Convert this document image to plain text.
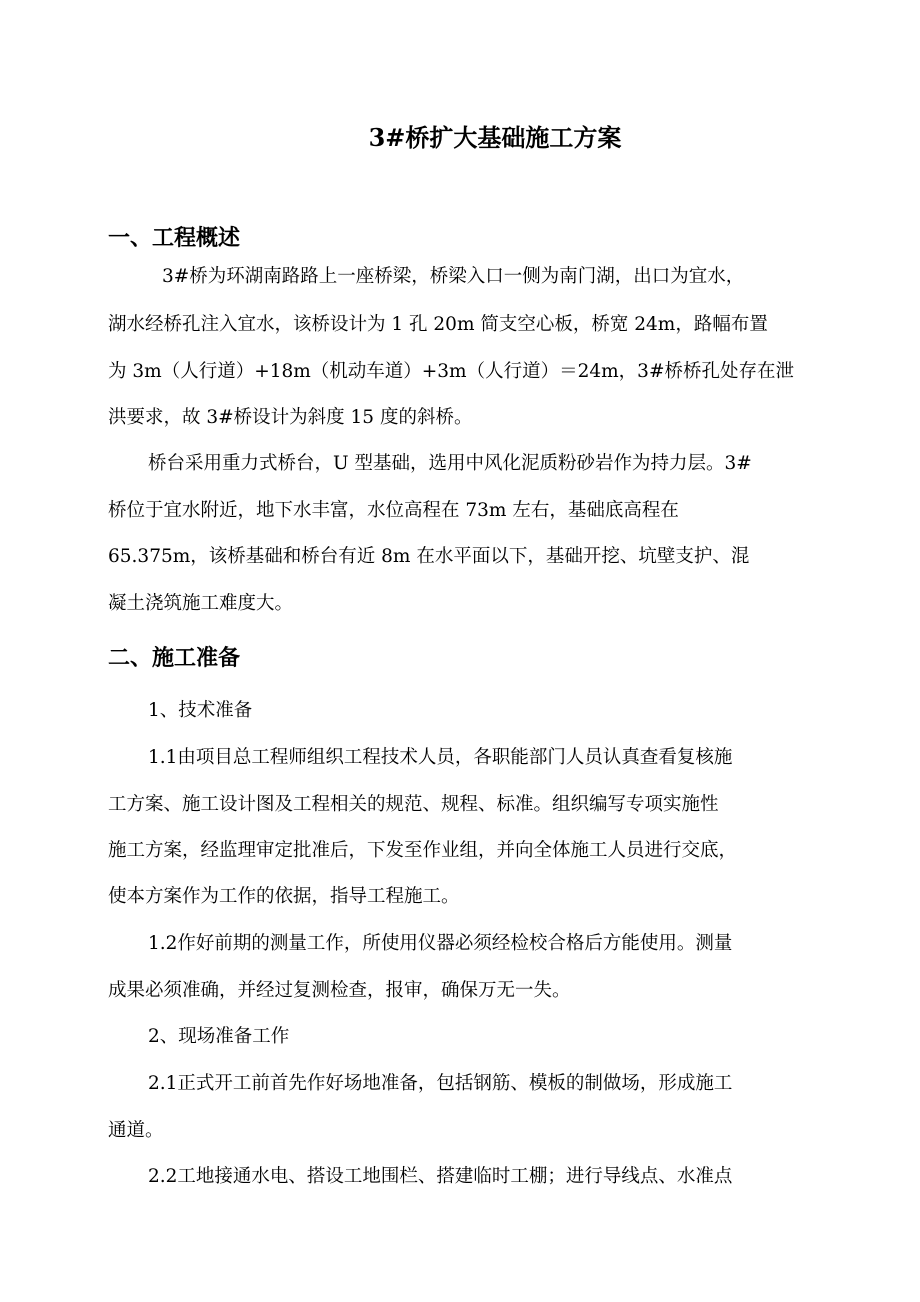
3#桥扩大基础施工方案
一、工程概述
3#桥为环湖南路路上一座桥梁，桥梁入口一侧为南门湖，出口为宜水，
湖水经桥孔注入宜水，该桥设计为 1 孔 20m 简支空心板，桥宽 24m，路幅布置
为 3m（人行道）+18m（机动车道）+3m（人行道）＝24m，3#桥桥孔处存在泄
洪要求，故 3#桥设计为斜度 15 度的斜桥。
桥台采用重力式桥台，U 型基础，选用中风化泥质粉砂岩作为持力层。3#
桥位于宜水附近，地下水丰富，水位高程在 73m 左右，基础底高程在
65.375m，该桥基础和桥台有近 8m 在水平面以下，基础开挖、坑壁支护、混
凝土浇筑施工难度大。
二、施工准备
1、技术准备
1.1由项目总工程师组织工程技术人员，各职能部门人员认真查看复核施
工方案、施工设计图及工程相关的规范、规程、标准。组织编写专项实施性
施工方案，经监理审定批准后，下发至作业组，并向全体施工人员进行交底，
使本方案作为工作的依据，指导工程施工。
1.2作好前期的测量工作，所使用仪器必须经检校合格后方能使用。测量
成果必须准确，并经过复测检查，报审，确保万无一失。
2、现场准备工作
2.1正式开工前首先作好场地准备，包括钢筋、模板的制做场，形成施工
通道。
2.2工地接通水电、搭设工地围栏、搭建临时工棚；进行导线点、水准点
